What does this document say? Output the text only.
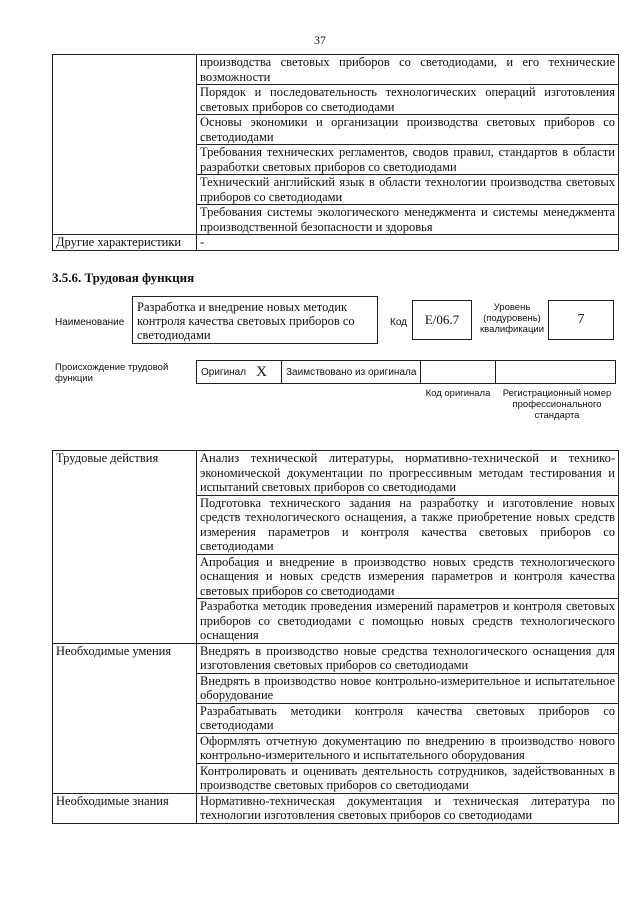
37
	производства световых приборов со светодиодами, и его технические возможности
	Порядок и последовательность технологических операций изготовления световых приборов со светодиодами
	Основы экономики и организации производства световых приборов со светодиодами
	Требования технических регламентов, сводов правил, стандартов в области разработки световых приборов со светодиодами
	Технический английский язык в области технологии производства световых приборов со светодиодами
	Требования системы экологического менеджмента и системы менеджмента производственной безопасности и здоровья
Другие характеристики	-
3.5.6. Трудовая функция
Наименование
Разработка и внедрение новых методик контроля качества световых приборов со светодиодами
Код	E/06.7
Уровень (подуровень) квалификации
7
Происхождение трудовой функции
Оригинал X Заимствовано из оригинала
Код оригинала	Регистрационный номер профессионального стандарта
Трудовые действия	Анализ технической литературы, нормативно-технической и технико-экономической документации по прогрессивным методам тестирования и испытаний световых приборов со светодиодами
	Подготовка технического задания на разработку и изготовление новых средств технологического оснащения, а также приобретение новых средств измерения параметров и контроля качества световых приборов со светодиодами
	Апробация и внедрение в производство новых средств технологического оснащения и новых средств измерения параметров и контроля качества световых приборов со светодиодами
	Разработка методик проведения измерений параметров и контроля световых приборов со светодиодами с помощью новых средств технологического оснащения
Необходимые умения	Внедрять в производство новые средства технологического оснащения для изготовления световых приборов со светодиодами
	Внедрять в производство новое контрольно-измерительное и испытательное оборудование
	Разрабатывать методики контроля качества световых приборов со светодиодами
	Оформлять отчетную документацию по внедрению в производство нового контрольно-измерительного и испытательного оборудования
	Контролировать и оценивать деятельность сотрудников, задействованных в производстве световых приборов со светодиодами
Необходимые знания	Нормативно-техническая документация и техническая литература по технологии изготовления световых приборов со светодиодами
